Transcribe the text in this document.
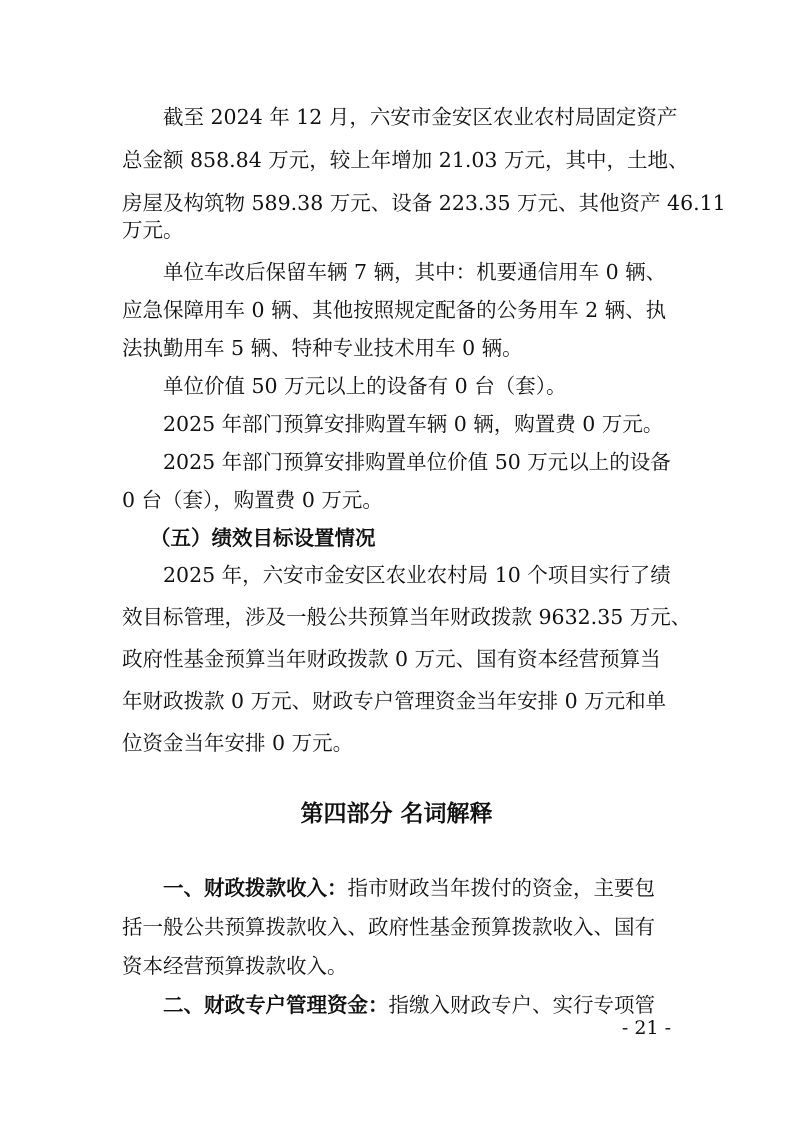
截至 2024 年 12 月，六安市金安区农业农村局固定资产
总金额 858.84 万元，较上年增加 21.03 万元，其中，土地、
房屋及构筑物 589.38 万元、设备 223.35 万元、其他资产 46.11
万元。
单位车改后保留车辆 7 辆，其中：机要通信用车 0 辆、
应急保障用车 0 辆、其他按照规定配备的公务用车 2 辆、执
法执勤用车 5 辆、特种专业技术用车 0 辆。
单位价值 50 万元以上的设备有 0 台（套）。
2025 年部门预算安排购置车辆 0 辆，购置费 0 万元。
2025 年部门预算安排购置单位价值 50 万元以上的设备
0 台（套），购置费 0 万元。
（五）绩效目标设置情况
2025 年，六安市金安区农业农村局 10 个项目实行了绩
效目标管理，涉及一般公共预算当年财政拨款 9632.35 万元、
政府性基金预算当年财政拨款 0 万元、国有资本经营预算当
年财政拨款 0 万元、财政专户管理资金当年安排 0 万元和单
位资金当年安排 0 万元。
第四部分 名词解释
一、财政拨款收入：指市财政当年拨付的资金，主要包
括一般公共预算拨款收入、政府性基金预算拨款收入、国有
资本经营预算拨款收入。
二、财政专户管理资金：指缴入财政专户、实行专项管
- 21 -
